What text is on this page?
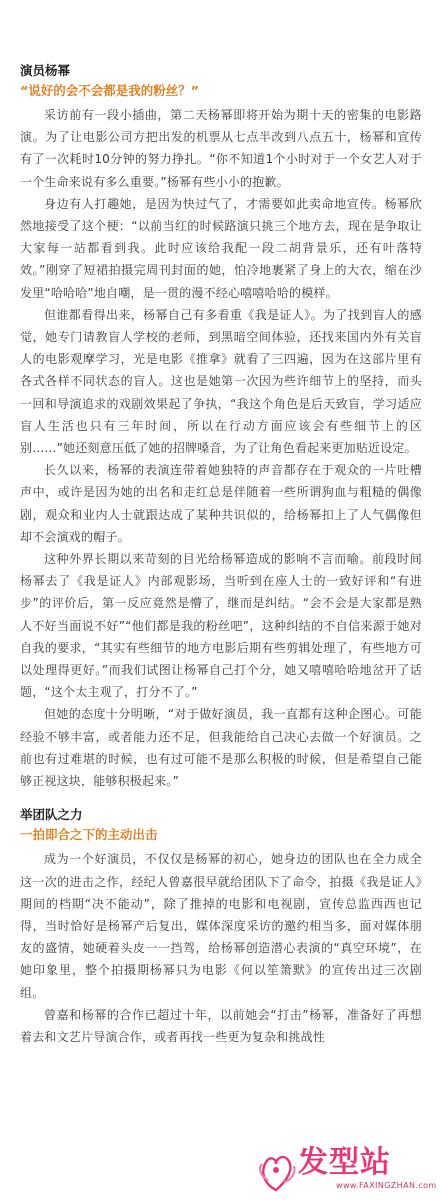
演员杨幂
“说好的会不会都是我的粉丝？”

采访前有一段小插曲，第二天杨幂即将开始为期十天的密集的电影路演。为了让电影公司方把出发的机票从七点半改到八点五十，杨幂和宣传有了一次耗时10分钟的努力挣扎。“你不知道1个小时对于一个女艺人对于一个生命来说有多么重要。”杨幂有些小小的抱歉。

身边有人打趣她，是因为快过气了，才需要如此卖命地宣传。杨幂欣然地接受了这个梗：“以前当红的时候路演只挑三个地方去，现在是争取让大家每一站都看到我。此时应该给我配一段二胡背景乐，还有叶落特效。”刚穿了短裙拍摄完周刊封面的她，怕冷地裹紧了身上的大衣，缩在沙发里“哈哈哈”地自嘲，是一贯的漫不经心嘻嘻哈哈的模样。

但谁都看得出来，杨幂自己有多看重《我是证人》。为了找到盲人的感觉，她专门请教盲人学校的老师，到黑暗空间体验，还找来国内外有关盲人的电影观摩学习，光是电影《推拿》就看了三四遍，因为在这部片里有各式各样不同状态的盲人。这也是她第一次因为些许细节上的坚持，而头一回和导演追求的戏剧效果起了争执，“我这个角色是后天致盲，学习适应盲人生活也只有三年时间，所以在行动方面应该会有些细节上的区别……”她还刻意压低了她的招牌嗓音，为了让角色看起来更加贴近设定。

长久以来，杨幂的表演连带着她独特的声音都存在于观众的一片吐槽声中，或许是因为她的出名和走红总是伴随着一些所谓狗血与粗糙的偶像剧，观众和业内人士就跟达成了某种共识似的，给杨幂扣上了人气偶像但却不会演戏的帽子。

这种外界长期以来苛刻的目光给杨幂造成的影响不言而喻。前段时间杨幂去了《我是证人》内部观影场，当听到在座人士的一致好评和“有进步”的评价后，第一反应竟然是懵了，继而是纠结。“会不会是大家都是熟人不好当面说不好”“他们都是我的粉丝吧”，这种纠结的不自信来源于她对自我的要求，“其实有些细节的地方电影后期有些剪辑处理了，有些地方可以处理得更好。”而我们试图让杨幂自己打个分，她又嘻嘻哈哈地岔开了话题，“这个太主观了，打分不了。”

但她的态度十分明晰，“对于做好演员，我一直都有这种企图心。可能经验不够丰富，或者能力还不足，但我能给自己决心去做一个好演员。之前也有过难堪的时候，也有过可能不是那么积极的时候，但是希望自己能够正视这块，能够积极起来。”

举团队之力
一拍即合之下的主动出击

成为一个好演员，不仅仅是杨幂的初心，她身边的团队也在全力成全这一次的进击之作，经纪人曾嘉很早就给团队下了命令，拍摄《我是证人》期间的档期“决不能动”，除了推掉的电影和电视剧，宣传总监西西也记得，当时恰好是杨幂产后复出，媒体深度采访的邀约相当多，面对媒体朋友的盛情，她硬着头皮一一挡驾，给杨幂创造潜心表演的“真空环境”，在她印象里，整个拍摄期杨幂只为电影《何以笙箫默》的宣传出过三次剧组。

曾嘉和杨幂的合作已超过十年，以前她会“打击”杨幂，准备好了再想着去和文艺片导演合作，或者再找一些更为复杂和挑战性

发型站
www.FAXINGZHAN.com
